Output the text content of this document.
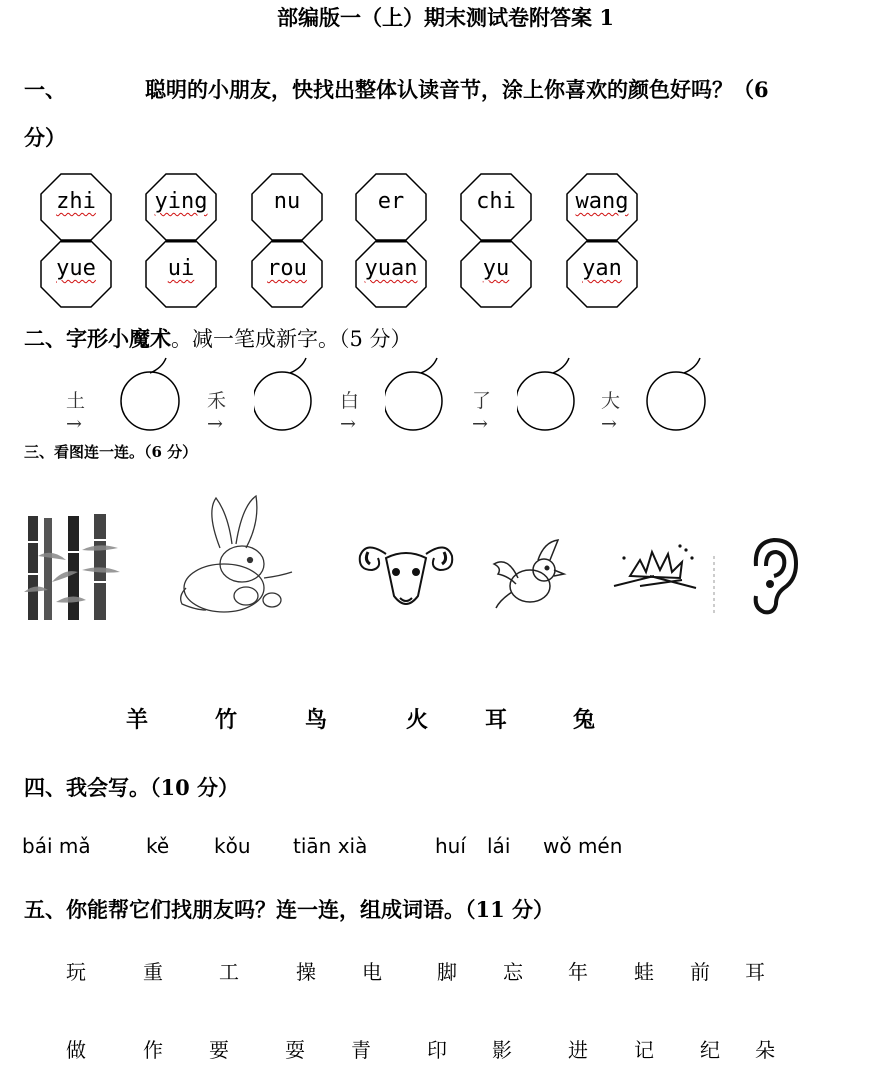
部编版一（上）期末测试卷附答案 1
一、	聪明的小朋友，快找出整体认读音节，涂上你喜欢的颜色好吗？（6
分）
zhi	ying	nu	er	chi	wang
yue	ui	rou	yuan	yu	yan
二、字形小魔术。减一笔成新字。（5 分）
土→
禾→
白→
了→
大→
三、看图连一连。（6 分）
羊	竹	鸟	火	耳	兔
四、我会写。（10 分）
bái mǎ	kě kǒu tiān xià	huí lái wǒ mén
五、你能帮它们找朋友吗？连一连，组成词语。（11 分）
玩	重	工	操 电	脚 忘 年 蛙 前 耳
做	作 要	耍 青	印 影	进 记 纪 朵
